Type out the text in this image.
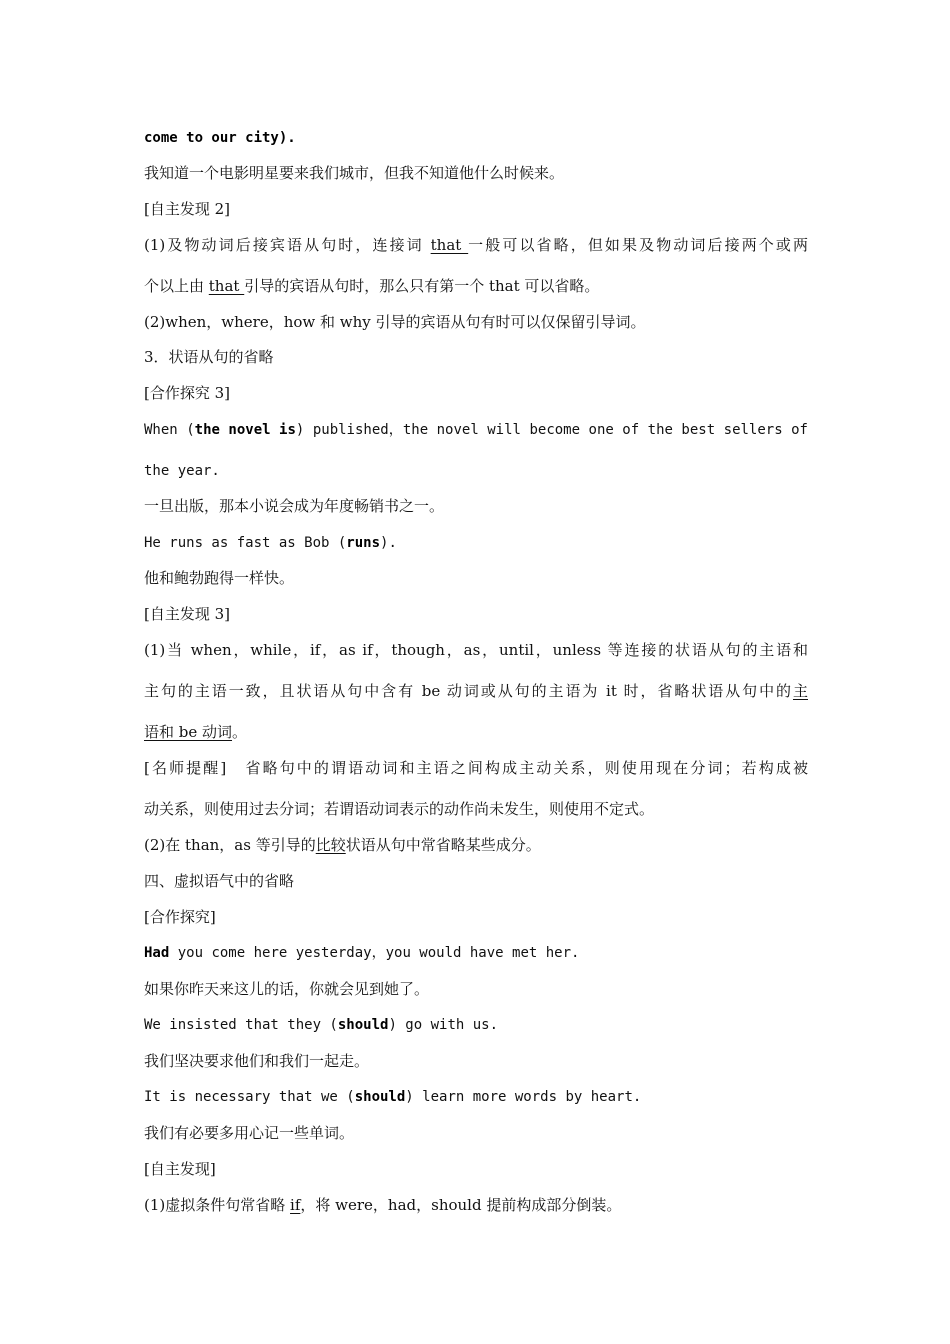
come to our city).
我知道一个电影明星要来我们城市，但我不知道他什么时候来。
[自主发现 2]
(1)及物动词后接宾语从句时，连接词 that 一般可以省略，但如果及物动词后接两个或两
个以上由 that 引导的宾语从句时，那么只有第一个 that 可以省略。
(2)when，where，how 和 why 引导的宾语从句有时可以仅保留引导词。
3．状语从句的省略
[合作探究 3]
When (the novel is) published，the novel will become one of the best sellers of
the year.
一旦出版，那本小说会成为年度畅销书之一。
He runs as fast as Bob (runs).
他和鲍勃跑得一样快。
[自主发现 3]
(1)当 when，while，if，as if，though，as，until，unless 等连接的状语从句的主语和
主句的主语一致，且状语从句中含有 be 动词或从句的主语为 it 时，省略状语从句中的主
语和 be 动词。
[名师提醒]　省略句中的谓语动词和主语之间构成主动关系，则使用现在分词；若构成被
动关系，则使用过去分词；若谓语动词表示的动作尚未发生，则使用不定式。
(2)在 than，as 等引导的比较状语从句中常省略某些成分。
四、虚拟语气中的省略
[合作探究]
Had you come here yesterday，you would have met her.
如果你昨天来这儿的话，你就会见到她了。
We insisted that they (should) go with us.
我们坚决要求他们和我们一起走。
It is necessary that we (should) learn more words by heart.
我们有必要多用心记一些单词。
[自主发现]
(1)虚拟条件句常省略 if，将 were，had，should 提前构成部分倒装。
